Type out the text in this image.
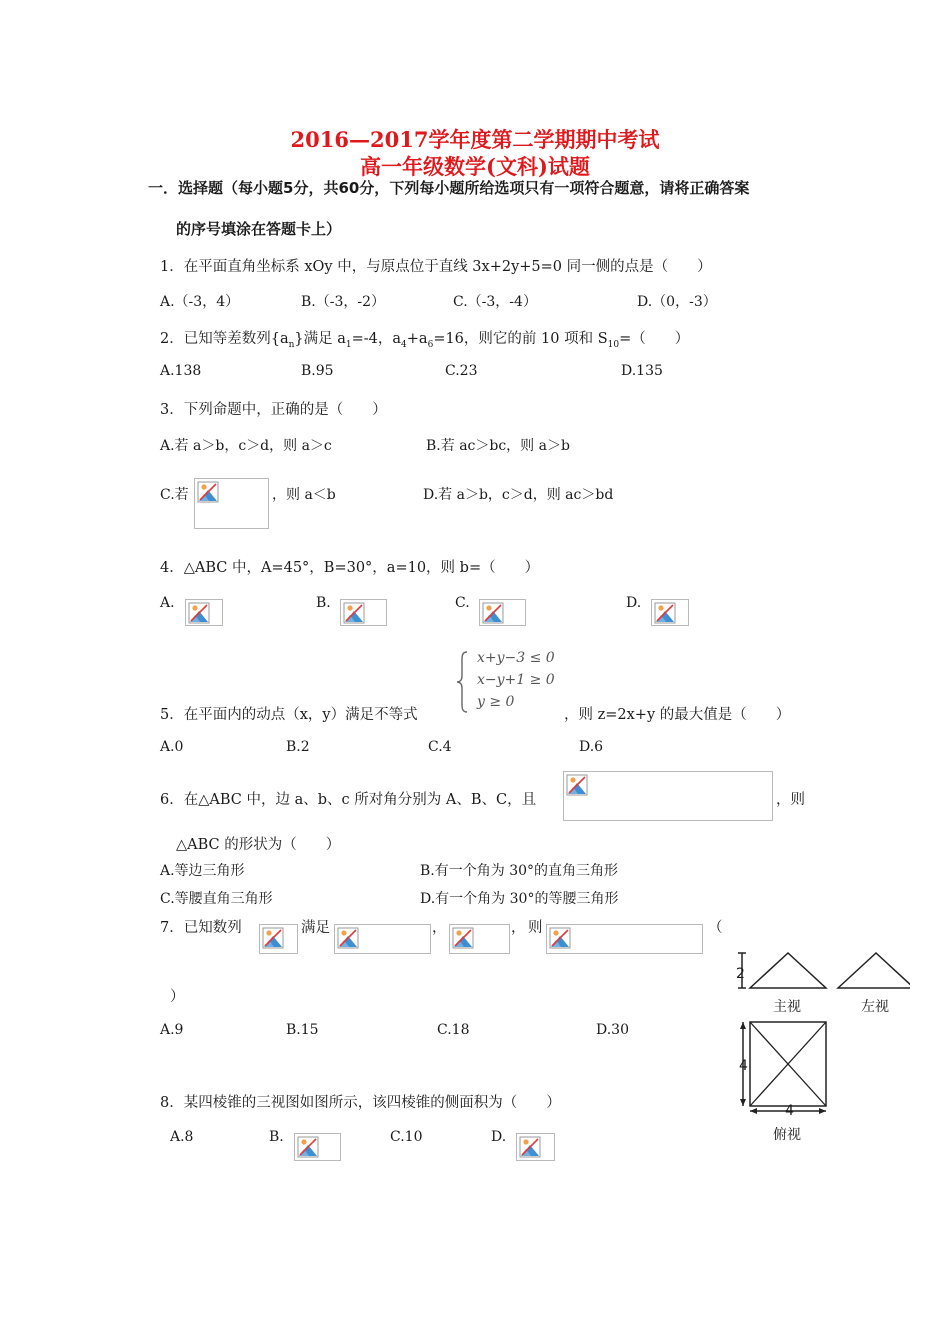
2016—2017学年度第二学期期中考试
高一年级数学(文科)试题
一．选择题（每小题5分，共60分，下列每小题所给选项只有一项符合题意，请将正确答案
的序号填涂在答题卡上）
1．在平面直角坐标系 xOy 中，与原点位于直线 3x+2y+5=0 同一侧的点是（　　）
A.（-3，4）	B.（-3，-2）	C.（-3，-4）	D.（0，-3）
2．已知等差数列$\{a_n\}$满足 $a_1=-4$，$a_4+a_6=16$，则它的前 10 项和 $S_{10}=$（　　）
A.138	B.95	C.23	D.135
3．下列命题中，正确的是（　　）
A.若 a＞b，c＞d，则 a＞c	B.若 ac＞bc，则 a＞b
C.若	，则 a＜b	D.若 a＞b，c＞d，则 ac＞bd
4．△ABC 中，A=45°，B=30°，a=10，则 b=（　　）
A.	B.	C.	D.
x+y−3 ≤ 0
x−y+1 ≥ 0
y ≥ 0
5．在平面内的动点（x，y）满足不等式	，则 z=2x+y 的最大值是（　　）
A.0	B.2	C.4	D.6
6．在△ABC 中，边 a、b、c 所对角分别为 A、B、C，且	，则
△ABC 的形状为（　　）
A.等边三角形	B.有一个角为 30°的直角三角形
C.等腰直角三角形	D.有一个角为 30°的等腰三角形
7．已知数列	满足	，	， 则	（
）
A.9	B.15	C.18	D.30
8．某四棱锥的三视图如图所示，该四棱锥的侧面积为（　　）
A.8	B.	C.10	D.
2
主视	左视
4
4
俯视
